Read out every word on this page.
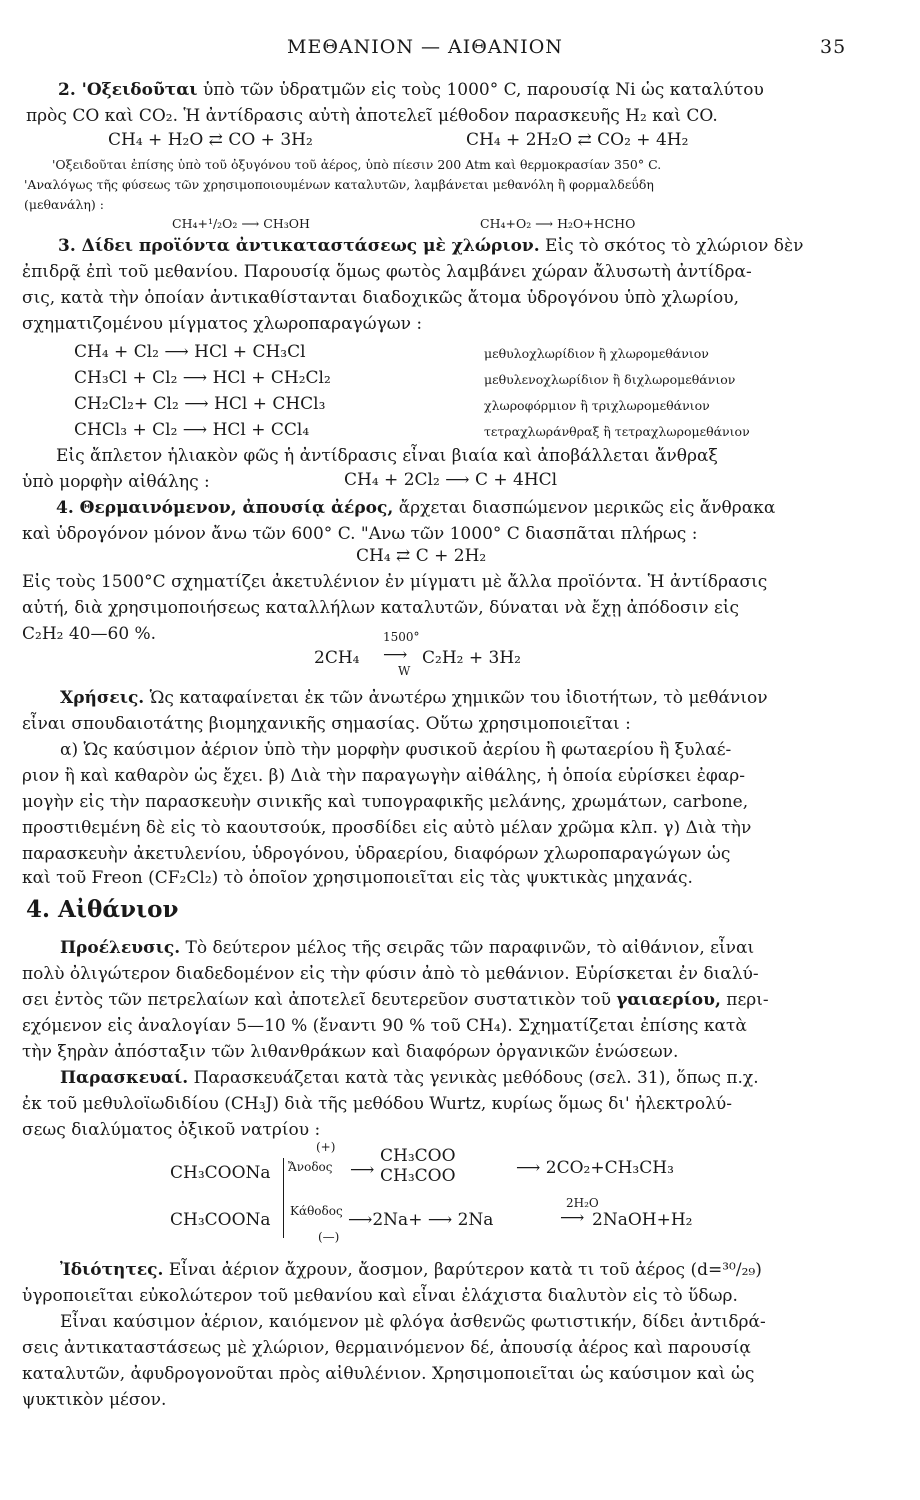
ΜΕΘΑΝΙΟΝ — ΑΙΘΑΝΙΟΝ	35
2. 'Οξειδοῦται ὑπὸ τῶν ὑδρατμῶν εἰς τοὺς 1000° C, παρουσίᾳ Νi ὡς καταλύτου
πρὸς CO καὶ CO₂. Ἡ ἀντίδρασις αὐτὴ ἀποτελεῖ μέθοδον παρασκευῆς H₂ καὶ CO.
CH₄ + H₂O ⇄ CO + 3H₂	CH₄ + 2H₂O ⇄ CO₂ + 4H₂
'Οξειδοῦται ἐπίσης ὑπὸ τοῦ ὀξυγόνου τοῦ ἀέρος, ὑπὸ πίεσιν 200 Atm καὶ θερμοκρασίαν 350° C.
'Αναλόγως τῆς φύσεως τῶν χρησιμοποιουμένων καταλυτῶν, λαμβάνεται μεθανόλη ἢ φορμαλδεΰδη
(μεθανάλη) :
CH₄+¹/₂O₂ ⟶ CH₃OH	CH₄+O₂ ⟶ H₂O+HCHO
3. Δίδει προϊόντα ἀντικαταστάσεως μὲ χλώριον. Εἰς τὸ σκότος τὸ χλώριον δὲν
ἐπιδρᾷ ἐπὶ τοῦ μεθανίου. Παρουσίᾳ ὅμως φωτὸς λαμβάνει χώραν ἄλυσωτὴ ἀντίδρα-
σις, κατὰ τὴν ὁποίαν ἀντικαθίστανται διαδοχικῶς ἄτομα ὑδρογόνου ὑπὸ χλωρίου,
σχηματιζομένου μίγματος χλωροπαραγώγων :
CH₄ + Cl₂ ⟶ HCl + CH₃Cl	μεθυλοχλωρίδιον ἢ χλωρομεθάνιον
CH₃Cl + Cl₂ ⟶ HCl + CH₂Cl₂	μεθυλενοχλωρίδιον ἢ διχλωρομεθάνιον
CH₂Cl₂+ Cl₂ ⟶ HCl + CHCl₃	χλωροφόρμιον ἢ τριχλωρομεθάνιον
CHCl₃ + Cl₂ ⟶ HCl + CCl₄	τετραχλωράνθραξ ἢ τετραχλωρομεθάνιον
Εἰς ἄπλετον ἡλιακὸν φῶς ἡ ἀντίδρασις εἶναι βιαία καὶ ἀποβάλλεται ἄνθραξ
ὑπὸ μορφὴν αἰθάλης :	CH₄ + 2Cl₂ ⟶ C + 4HCl
4. Θερμαινόμενον, ἀπουσίᾳ ἀέρος, ἄρχεται διασπώμενον μερικῶς εἰς ἄνθρακα
καὶ ὑδρογόνον μόνον ἄνω τῶν 600° C. "Ανω τῶν 1000° C διασπᾶται πλήρως :
CH₄ ⇄ C + 2H₂
Εἰς τοὺς 1500°C σχηματίζει ἀκετυλένιον ἐν μίγματι μὲ ἄλλα προϊόντα. Ἡ ἀντίδρασις
αὐτή, διὰ χρησιμοποιήσεως καταλλήλων καταλυτῶν, δύναται νὰ ἔχῃ ἀπόδοσιν εἰς
C₂H₂ 40—60 %.
2CH₄
1500°
⟶
W
C₂H₂ + 3H₂
Χρήσεις. Ὡς καταφαίνεται ἐκ τῶν ἀνωτέρω χημικῶν του ἰδιοτήτων, τὸ μεθάνιον
εἶναι σπουδαιοτάτης βιομηχανικῆς σημασίας. Οὕτω χρησιμοποιεῖται :
α) Ὡς καύσιμον ἀέριον ὑπὸ τὴν μορφὴν φυσικοῦ ἀερίου ἢ φωταερίου ἢ ξυλαέ-
ριον ἢ καὶ καθαρὸν ὡς ἔχει. β) Διὰ τὴν παραγωγὴν αἰθάλης, ἡ ὁποία εὑρίσκει ἐφαρ-
μογὴν εἰς τὴν παρασκευὴν σινικῆς καὶ τυπογραφικῆς μελάνης, χρωμάτων, carbone,
προστιθεμένη δὲ εἰς τὸ καουτσούκ, προσδίδει εἰς αὐτὸ μέλαν χρῶμα κλπ. γ) Διὰ τὴν
παρασκευὴν ἀκετυλενίου, ὑδρογόνου, ὑδραερίου, διαφόρων χλωροπαραγώγων ὡς
καὶ τοῦ Freon (CF₂Cl₂) τὸ ὁποῖον χρησιμοποιεῖται εἰς τὰς ψυκτικὰς μηχανάς.
4. Αἰθάνιον
Προέλευσις. Τὸ δεύτερον μέλος τῆς σειρᾶς τῶν παραφινῶν, τὸ αἰθάνιον, εἶναι
πολὺ ὀλιγώτερον διαδεδομένον εἰς τὴν φύσιν ἀπὸ τὸ μεθάνιον. Εὑρίσκεται ἐν διαλύ-
σει ἐντὸς τῶν πετρελαίων καὶ ἀποτελεῖ δευτερεῦον συστατικὸν τοῦ γαιαερίου, περι-
εχόμενον εἰς ἀναλογίαν 5—10 % (ἔναντι 90 % τοῦ CH₄). Σχηματίζεται ἐπίσης κατὰ
τὴν ξηρὰν ἀπόσταξιν τῶν λιθανθράκων καὶ διαφόρων ὀργανικῶν ἑνώσεων.
Παρασκευαί. Παρασκευάζεται κατὰ τὰς γενικὰς μεθόδους (σελ. 31), ὅπως π.χ.
ἐκ τοῦ μεθυλοϊωδιδίου (CH₃J) διὰ τῆς μεθόδου Wurtz, κυρίως ὅμως δι' ἠλεκτρολύ-
σεως διαλύματος ὀξικοῦ νατρίου :
(+)
CH₃COONa Ἄνοδος ⟶
CH₃COO
CH₃COO	⟶ 2CO₂+CH₃CH₃
CH₃COONa Κάθοδος ⟶2Na+ ⟶ 2Na
2H₂O
⟶ 2NaOH+H₂
(—)
Ἰδιότητες. Εἶναι ἀέριον ἄχρουν, ἄοσμον, βαρύτερον κατὰ τι τοῦ ἀέρος (d=³⁰/₂₉)
ὑγροποιεῖται εὐκολώτερον τοῦ μεθανίου καὶ εἶναι ἐλάχιστα διαλυτὸν εἰς τὸ ὕδωρ.
Εἶναι καύσιμον ἀέριον, καιόμενον μὲ φλόγα ἀσθενῶς φωτιστικήν, δίδει ἀντιδρά-
σεις ἀντικαταστάσεως μὲ χλώριον, θερμαινόμενον δέ, ἀπουσίᾳ ἀέρος καὶ παρουσίᾳ
καταλυτῶν, ἀφυδρογονοῦται πρὸς αἰθυλένιον. Χρησιμοποιεῖται ὡς καύσιμον καὶ ὡς
ψυκτικὸν μέσον.
